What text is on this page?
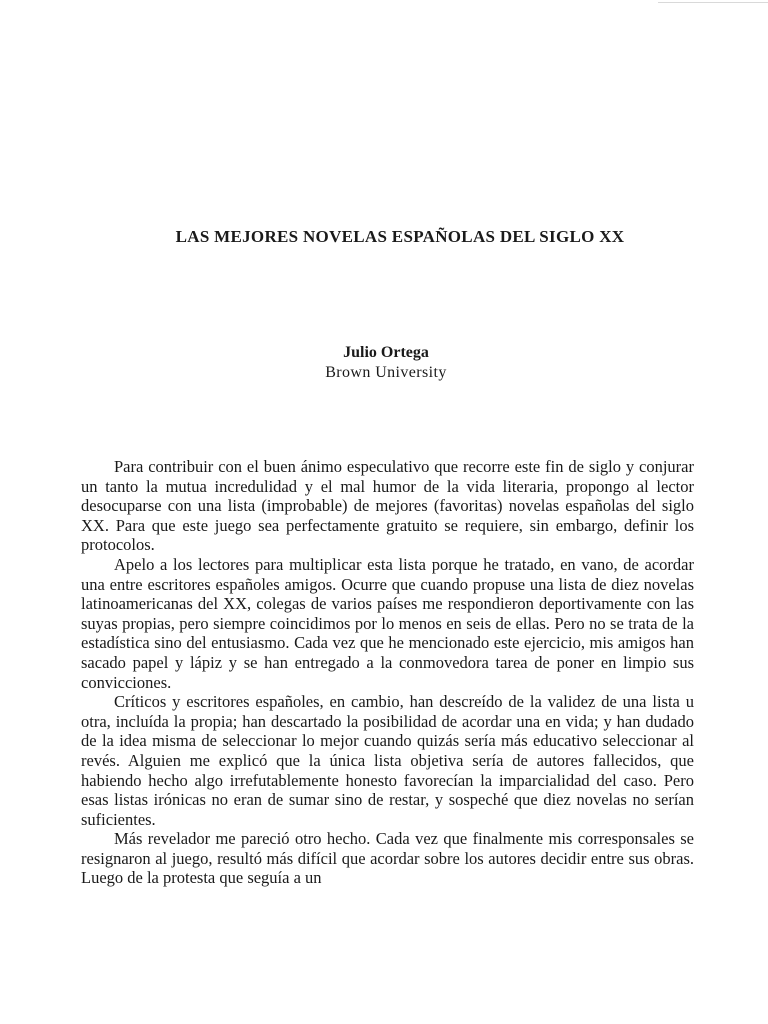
LAS MEJORES NOVELAS ESPAÑOLAS DEL SIGLO XX
Julio Ortega
Brown University

Para contribuir con el buen ánimo especulativo que recorre este fin de siglo y conjurar un tanto la mutua incredulidad y el mal humor de la vida literaria, propongo al lector desocuparse con una lista (improbable) de mejores (favoritas) novelas españolas del siglo XX. Para que este juego sea perfectamente gratuito se requiere, sin embargo, definir los protocolos.

Apelo a los lectores para multiplicar esta lista porque he tratado, en vano, de acordar una entre escritores españoles amigos. Ocurre que cuando propuse una lista de diez novelas latinoamericanas del XX, colegas de varios países me respondieron deportivamente con las suyas propias, pero siempre coincidimos por lo menos en seis de ellas. Pero no se trata de la estadística sino del entusiasmo. Cada vez que he mencionado este ejercicio, mis amigos han sacado papel y lápiz y se han entregado a la conmovedora tarea de poner en limpio sus convicciones.

Críticos y escritores españoles, en cambio, han descreído de la validez de una lista u otra, incluída la propia; han descartado la posibilidad de acordar una en vida; y han dudado de la idea misma de seleccionar lo mejor cuando quizás sería más educativo seleccionar al revés. Alguien me explicó que la única lista objetiva sería de autores fallecidos, que habiendo hecho algo irrefutablemente honesto favorecían la imparcialidad del caso. Pero esas listas irónicas no eran de sumar sino de restar, y sospeché que diez novelas no serían suficientes.

Más revelador me pareció otro hecho. Cada vez que finalmente mis corresponsales se resignaron al juego, resultó más difícil que acordar sobre los autores decidir entre sus obras. Luego de la protesta que seguía a un
